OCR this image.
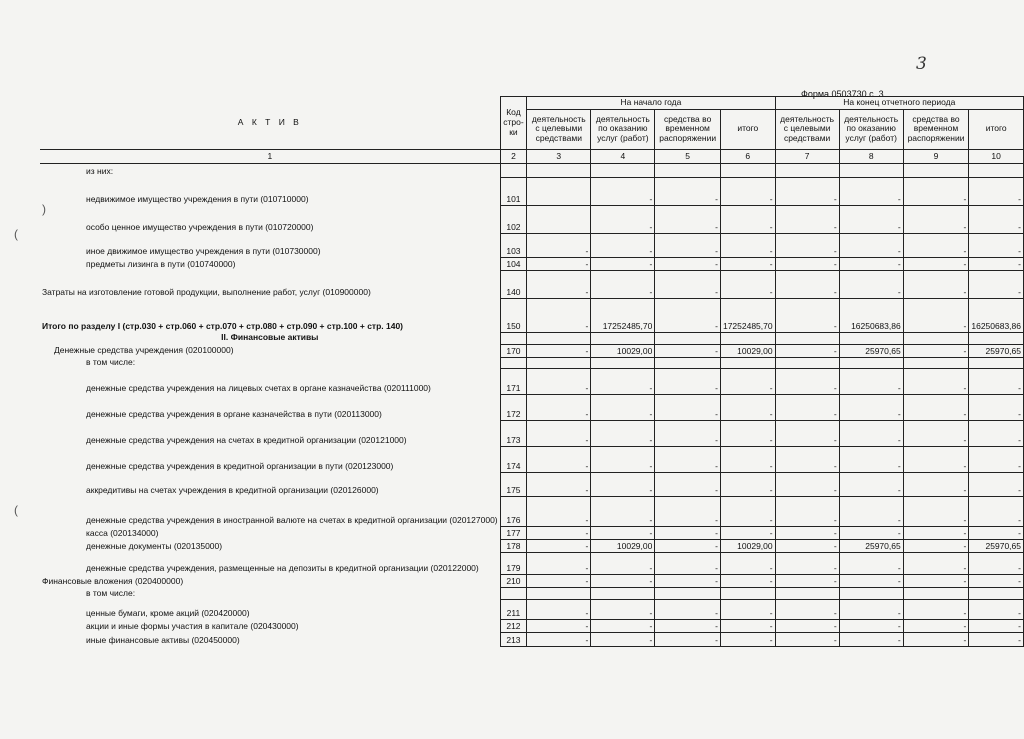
3
Форма 0503730 с. 3
)
(
(
А К Т И В	Код стро-ки	На начало года				На конец отчетного периода			
		деятельность с целевыми средствами	деятельность по оказанию услуг (работ)	средства во временном распоряжении	итого	деятельность с целевыми средствами	деятельность по оказанию услуг (работ)	средства во временном распоряжении	итого
1	2	3	4	5	6	7	8	9	10
из них:									
недвижимое имущество учреждения в пути (010710000)	101		-	-	-	-	-	-	-
особо ценное имущество учреждения в пути (010720000)	102		-	-	-	-	-	-	-
иное движимое имущество учреждения в пути (010730000)	103	-	-	-	-	-	-	-	-
предметы лизинга в пути (010740000)	104	-	-	-	-	-	-	-	-
Затраты на изготовление готовой продукции, выполнение работ, услуг (010900000)	140	-	-	-	-	-	-	-	-
Итого по разделу I (стр.030 + стр.060 + стр.070 + стр.080 + стр.090 + стр.100 + стр. 140)	150	-	17252485,70	-	17252485,70	-	16250683,86	-	16250683,86
II. Финансовые активы									
Денежные средства учреждения (020100000)	170	-	10029,00	-	10029,00	-	25970,65	-	25970,65
в том числе:									
денежные средства учреждения на лицевых счетах в органе казначейства (020111000)	171	-	-	-	-	-	-	-	-
денежные средства учреждения в органе казначейства в пути (020113000)	172	-	-	-	-	-	-	-	-
денежные средства учреждения на счетах в кредитной организации (020121000)	173	-	-	-	-	-	-	-	-
денежные средства учреждения в кредитной организации в пути (020123000)	174	-	-	-	-	-	-	-	-
аккредитивы на счетах учреждения в кредитной организации (020126000)	175	-	-	-	-	-	-	-	-
денежные средства учреждения в иностранной валюте на счетах в кредитной организации (020127000)	176	-	-	-	-	-	-	-	-
касса (020134000)	177	-	-	-	-	-	-	-	-
денежные документы (020135000)	178	-	10029,00	-	10029,00	-	25970,65	-	25970,65
денежные средства учреждения, размещенные на депозиты в кредитной организации (020122000)	179	-	-	-	-	-	-	-	-
Финансовые вложения (020400000)	210	-	-	-	-	-	-	-	-
в том числе:									
ценные бумаги, кроме акций (020420000)	211	-	-	-	-	-	-	-	-
акции и иные формы участия в капитале (020430000)	212	-	-	-	-	-	-	-	-
иные финансовые активы (020450000)	213	-	-	-	-	-	-	-	-
